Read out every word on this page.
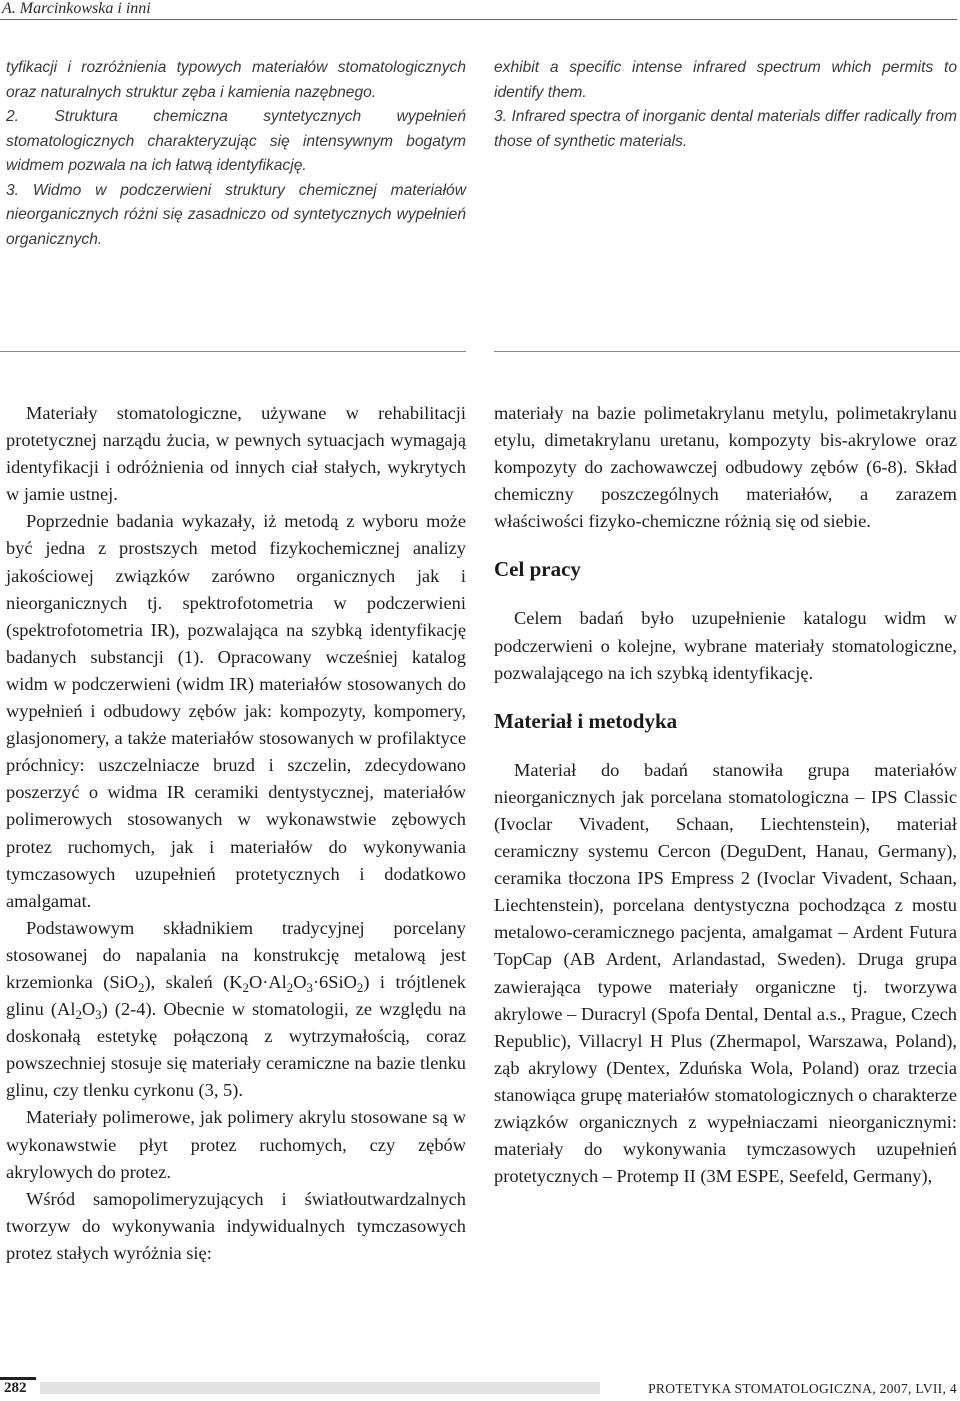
A. Marcinkowska i inni

tyfikacji i rozróżnienia typowych materiałów stomatologicznych oraz naturalnych struktur zęba i kamienia nazębnego.

2. Struktura chemiczna syntetycznych wypełnień stomatologicznych charakteryzując się intensywnym bogatym widmem pozwala na ich łatwą identyfikację.

3. Widmo w podczerwieni struktury chemicznej materiałów nieorganicznych różni się zasadniczo od syntetycznych wypełnień organicznych.

exhibit a specific intense infrared spectrum which permits to identify them.

3. Infrared spectra of inorganic dental materials differ radically from those of synthetic materials.

Materiały stomatologiczne, używane w rehabilitacji protetycznej narządu żucia, w pewnych sytuacjach wymagają identyfikacji i odróżnienia od innych ciał stałych, wykrytych w jamie ustnej.

Poprzednie badania wykazały, iż metodą z wyboru może być jedna z prostszych metod fizykochemicznej analizy jakościowej związków zarówno organicznych jak i nieorganicznych tj. spektrofotometria w podczerwieni (spektrofotometria IR), pozwalająca na szybką identyfikację badanych substancji (1). Opracowany wcześniej katalog widm w podczerwieni (widm IR) materiałów stosowanych do wypełnień i odbudowy zębów jak: kompozyty, kompomery, glasjonomery, a także materiałów stosowanych w profilaktyce próchnicy: uszczelniacze bruzd i szczelin, zdecydowano poszerzyć o widma IR ceramiki dentystycznej, materiałów polimerowych stosowanych w wykonawstwie zębowych protez ruchomych, jak i materiałów do wykonywania tymczasowych uzupełnień protetycznych i dodatkowo amalgamat.

Podstawowym składnikiem tradycyjnej porcelany stosowanej do napalania na konstrukcję metalową jest krzemionka (SiO$_2$), skaleń $(K_2O\cdot Al_2O_3\cdot 6SiO_2)$ i trójtlenek glinu $(Al_2O_3)$ (2-4). Obecnie w stomatologii, ze względu na doskonałą estetykę połączoną z wytrzymałością, coraz powszechniej stosuje się materiały ceramiczne na bazie tlenku glinu, czy tlenku cyrkonu (3, 5).

Materiały polimerowe, jak polimery akrylu stosowane są w wykonawstwie płyt protez ruchomych, czy zębów akrylowych do protez.

Wśród samopolimeryzujących i światłoutwardzalnych tworzyw do wykonywania indywidualnych tymczasowych protez stałych wyróżnia się:

materiały na bazie polimetakrylanu metylu, polimetakrylanu etylu, dimetakrylanu uretanu, kompozyty bis-akrylowe oraz kompozyty do zachowawczej odbudowy zębów (6-8). Skład chemiczny poszczególnych materiałów, a zarazem właściwości fizyko-chemiczne różnią się od siebie.

Cel pracy

Celem badań było uzupełnienie katalogu widm w podczerwieni o kolejne, wybrane materiały stomatologiczne, pozwalającego na ich szybką identyfikację.

Materiał i metodyka

Materiał do badań stanowiła grupa materiałów nieorganicznych jak porcelana stomatologiczna – IPS Classic (Ivoclar Vivadent, Schaan, Liechtenstein), materiał ceramiczny systemu Cercon (DeguDent, Hanau, Germany), ceramika tłoczona IPS Empress 2 (Ivoclar Vivadent, Schaan, Liechtenstein), porcelana dentystyczna pochodząca z mostu metalowo-ceramicznego pacjenta, amalgamat – Ardent Futura TopCap (AB Ardent, Arlandastad, Sweden). Druga grupa zawierająca typowe materiały organiczne tj. tworzywa akrylowe – Duracryl (Spofa Dental, Dental a.s., Prague, Czech Republic), Villacryl H Plus (Zhermapol, Warszawa, Poland), ząb akrylowy (Dentex, Zduńska Wola, Poland) oraz trzecia stanowiąca grupę materiałów stomatologicznych o charakterze związków organicznych z wypełniaczami nieorganicznymi: materiały do wykonywania tymczasowych uzupełnień protetycznych – Protemp II (3M ESPE, Seefeld, Germany),

282	PROTETYKA STOMATOLOGICZNA, 2007, LVII, 4
